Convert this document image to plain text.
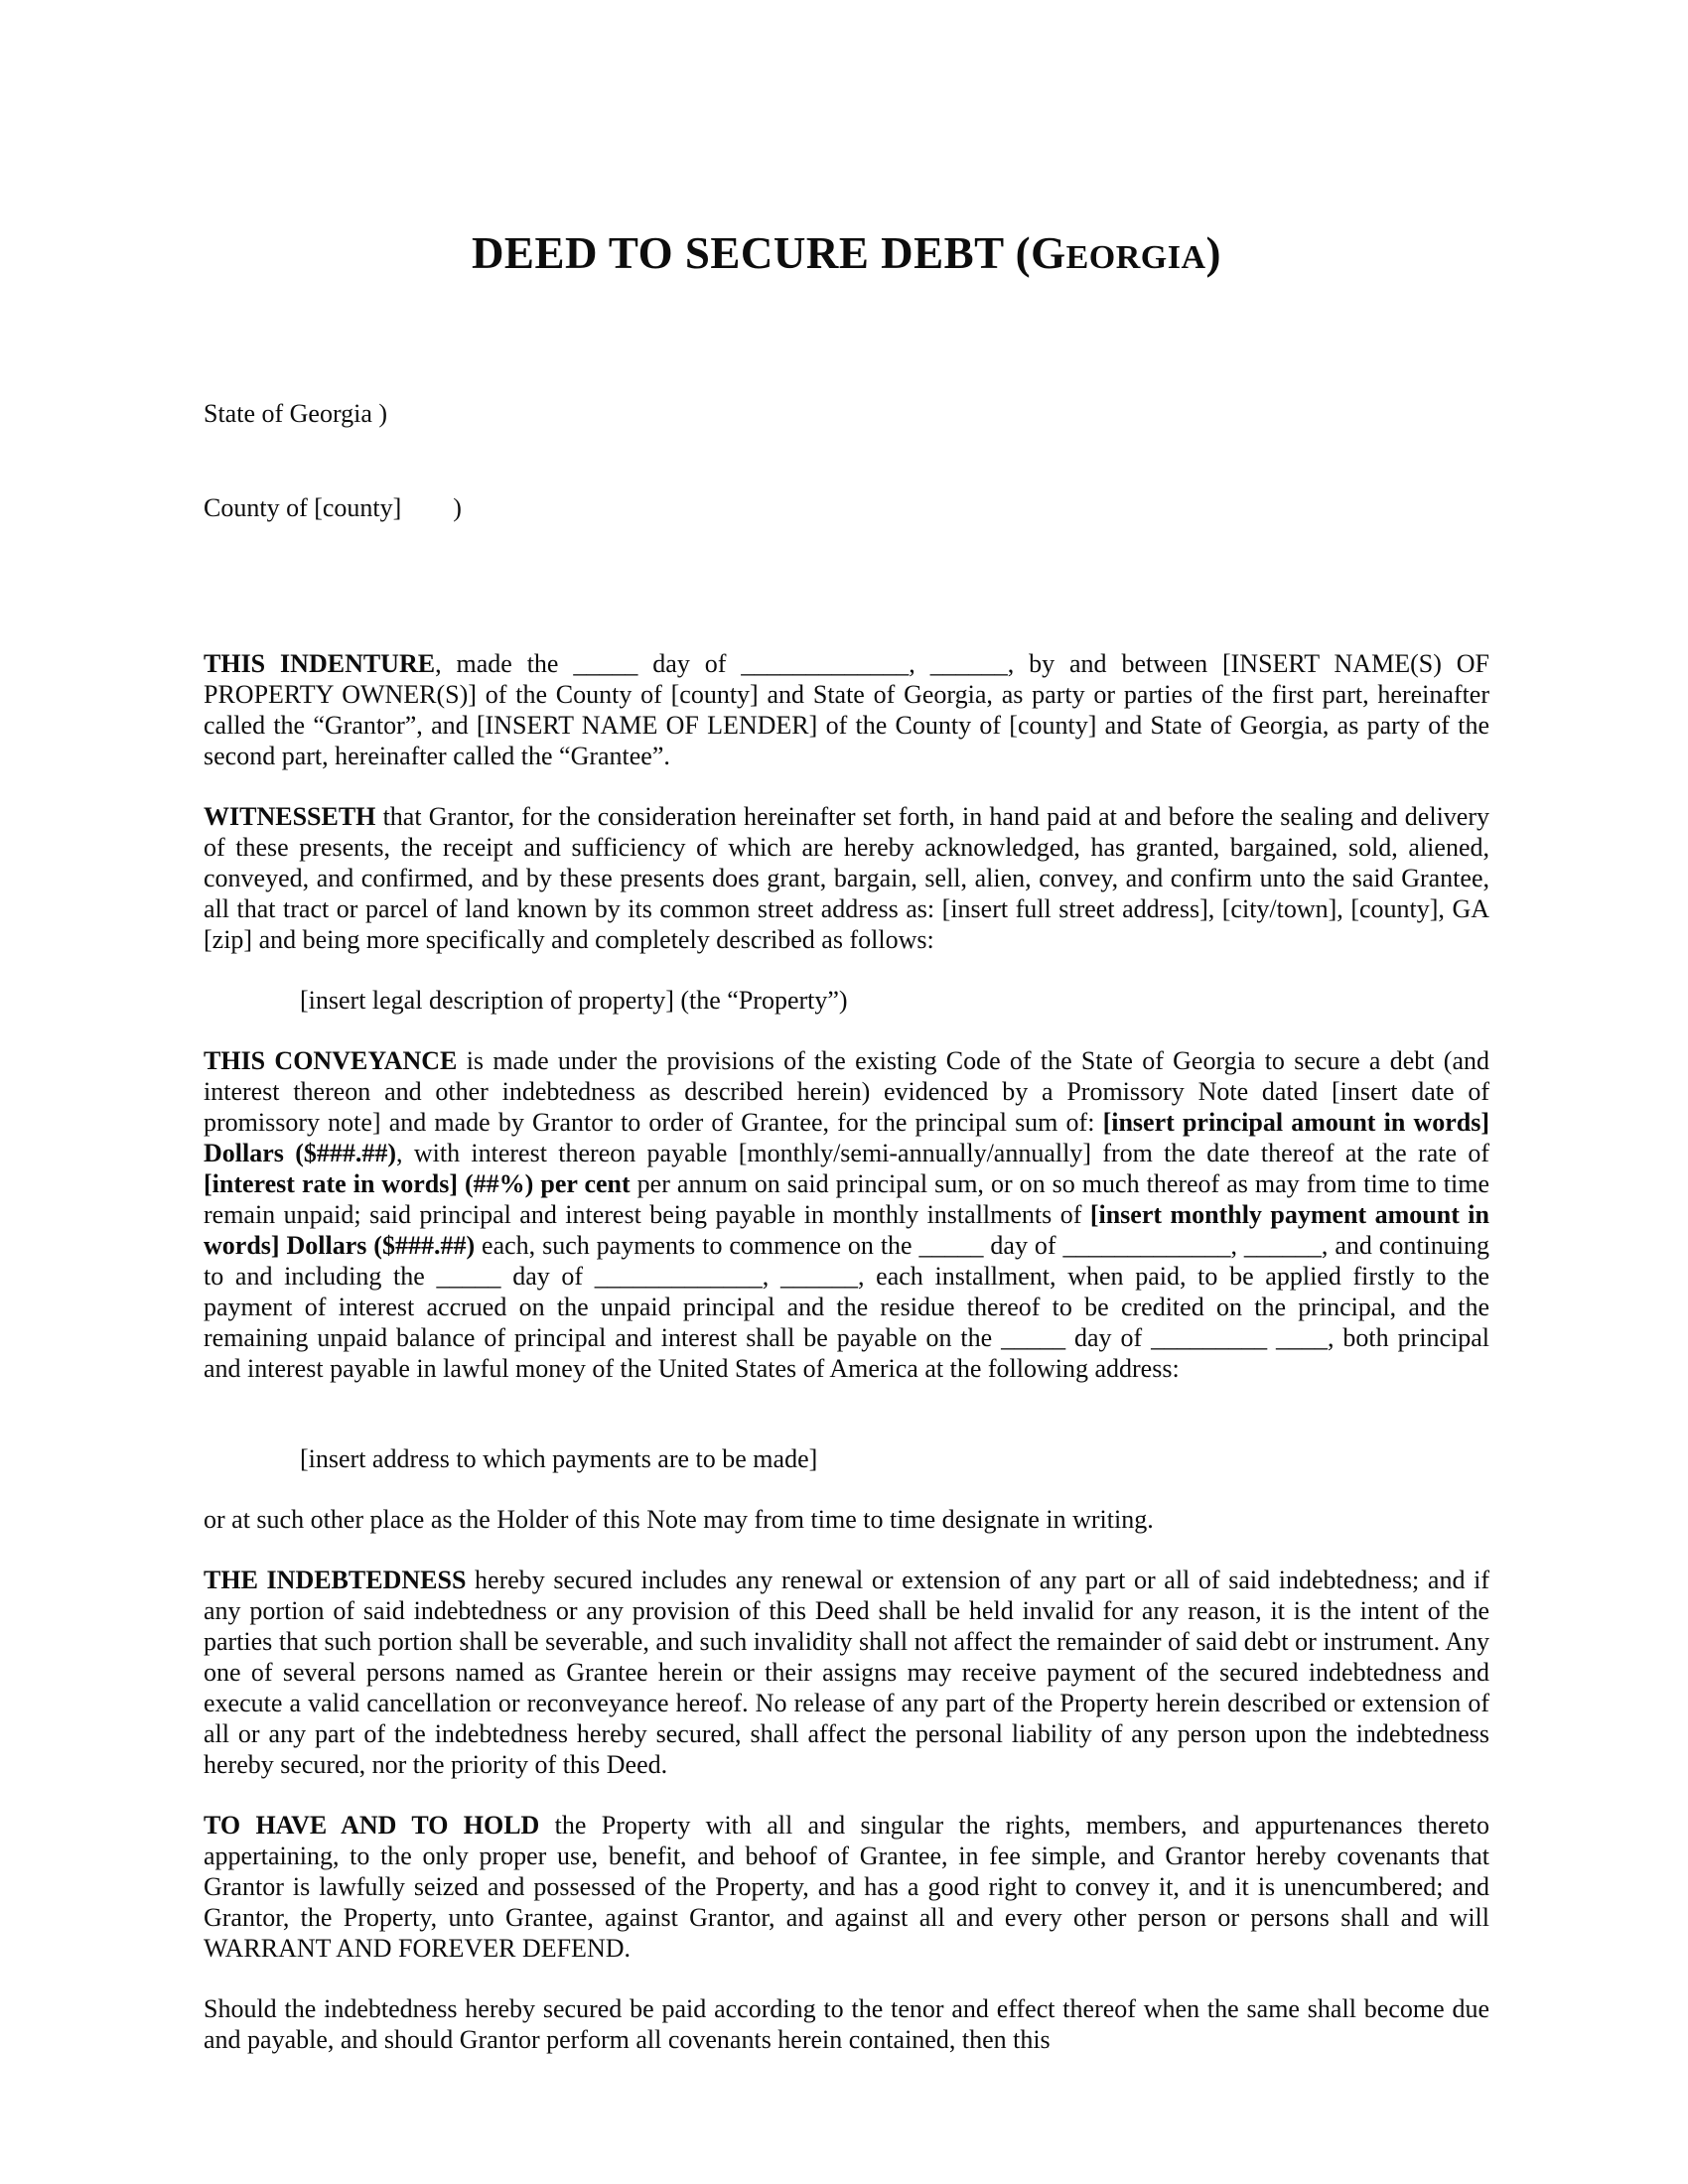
DEED TO SECURE DEBT (GEORGIA)

State of Georgia )

County of [county]        )

THIS INDENTURE, made the _____ day of _____________, ______, by and between [INSERT NAME(S) OF PROPERTY OWNER(S)] of the County of [county] and State of Georgia, as party or parties of the first part, hereinafter called the “Grantor”, and [INSERT NAME OF LENDER] of the County of [county] and State of Georgia, as party of the second part, hereinafter called the “Grantee”.

WITNESSETH that Grantor, for the consideration hereinafter set forth, in hand paid at and before the sealing and delivery of these presents, the receipt and sufficiency of which are hereby acknowledged, has granted, bargained, sold, aliened, conveyed, and confirmed, and by these presents does grant, bargain, sell, alien, convey, and confirm unto the said Grantee, all that tract or parcel of land known by its common street address as: [insert full street address], [city/town], [county], GA [zip] and being more specifically and completely described as follows:

[insert legal description of property] (the “Property”)

THIS CONVEYANCE is made under the provisions of the existing Code of the State of Georgia to secure a debt (and interest thereon and other indebtedness as described herein) evidenced by a Promissory Note dated [insert date of promissory note] and made by Grantor to order of Grantee, for the principal sum of: [insert principal amount in words] Dollars ($###.##), with interest thereon payable [monthly/semi-annually/annually] from the date thereof at the rate of [interest rate in words] (##%) per cent per annum on said principal sum, or on so much thereof as may from time to time remain unpaid; said principal and interest being payable in monthly installments of [insert monthly payment amount in words] Dollars ($###.##) each, such payments to commence on the _____ day of _____________, ______, and continuing to and including the _____ day of _____________, ______, each installment, when paid, to be applied firstly to the payment of interest accrued on the unpaid principal and the residue thereof to be credited on the principal, and the remaining unpaid balance of principal and interest shall be payable on the _____ day of _________ ____, both principal and interest payable in lawful money of the United States of America at the following address:

[insert address to which payments are to be made]

or at such other place as the Holder of this Note may from time to time designate in writing.

THE INDEBTEDNESS hereby secured includes any renewal or extension of any part or all of said indebtedness; and if any portion of said indebtedness or any provision of this Deed shall be held invalid for any reason, it is the intent of the parties that such portion shall be severable, and such invalidity shall not affect the remainder of said debt or instrument. Any one of several persons named as Grantee herein or their assigns may receive payment of the secured indebtedness and execute a valid cancellation or reconveyance hereof. No release of any part of the Property herein described or extension of all or any part of the indebtedness hereby secured, shall affect the personal liability of any person upon the indebtedness hereby secured, nor the priority of this Deed.

TO HAVE AND TO HOLD the Property with all and singular the rights, members, and appurtenances thereto appertaining, to the only proper use, benefit, and behoof of Grantee, in fee simple, and Grantor hereby covenants that Grantor is lawfully seized and possessed of the Property, and has a good right to convey it, and it is unencumbered; and Grantor, the Property, unto Grantee, against Grantor, and against all and every other person or persons shall and will WARRANT AND FOREVER DEFEND.

Should the indebtedness hereby secured be paid according to the tenor and effect thereof when the same shall become due and payable, and should Grantor perform all covenants herein contained, then this
